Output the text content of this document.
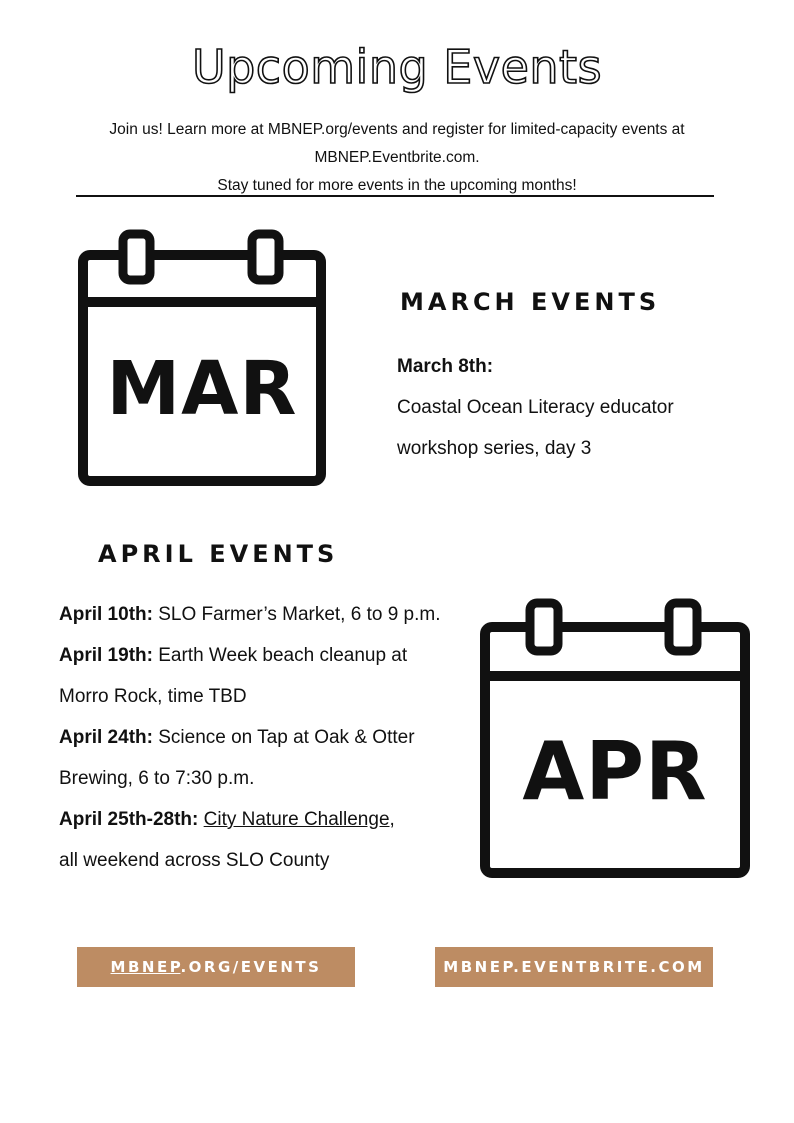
Upcoming Events
Join us! Learn more at MBNEP.org/events and register for limited-capacity events at
MBNEP.Eventbrite.com.
Stay tuned for more events in the upcoming months!
MAR
MARCH EVENTS
March 8th:
Coastal Ocean Literacy educator
workshop series, day 3
APRIL EVENTS
April 10th: SLO Farmer’s Market, 6 to 9 p.m.
April 19th: Earth Week beach cleanup at
Morro Rock, time TBD
April 24th: Science on Tap at Oak & Otter
Brewing, 6 to 7:30 p.m.
April 25th-28th: City Nature Challenge,
all weekend across SLO County
APR
MBNEP.ORG/EVENTS	MBNEP.EVENTBRITE.COM
